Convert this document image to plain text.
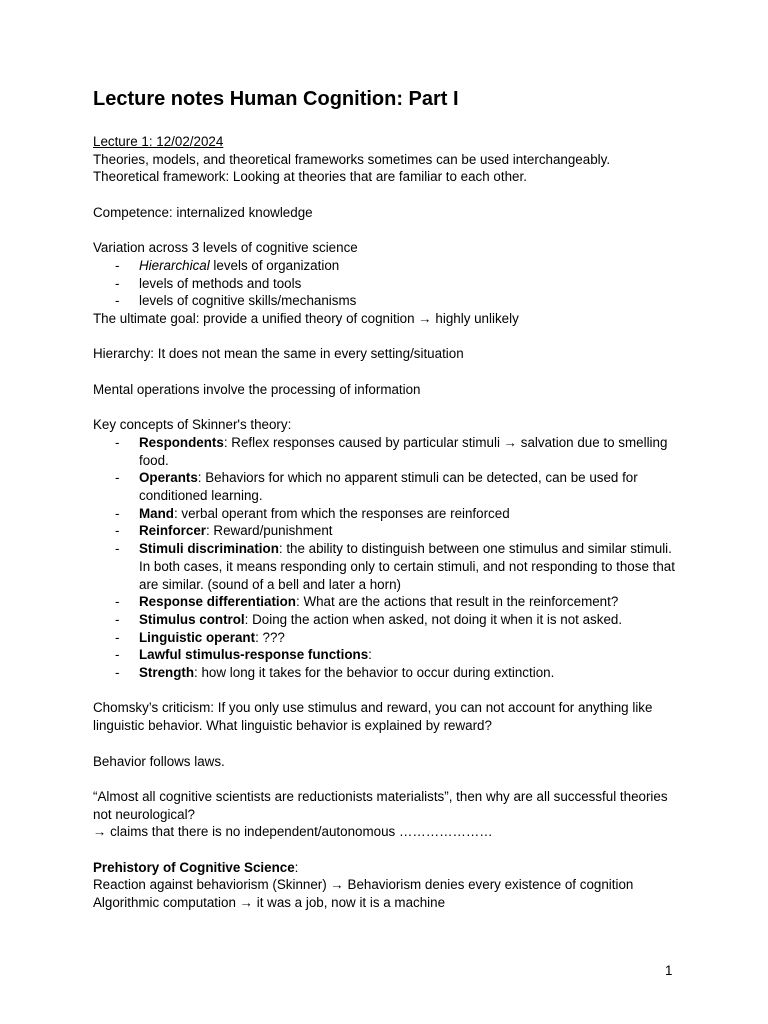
Lecture notes Human Cognition: Part I

Lecture 1: 12/02/2024

Theories, models, and theoretical frameworks sometimes can be used interchangeably.

Theoretical framework: Looking at theories that are familiar to each other.

Competence: internalized knowledge

Variation across 3 levels of cognitive science

- Hierarchical levels of organization
- levels of methods and tools
- levels of cognitive skills/mechanisms

The ultimate goal: provide a unified theory of cognition → highly unlikely

Hierarchy: It does not mean the same in every setting/situation

Mental operations involve the processing of information

Key concepts of Skinner's theory:

- Respondents: Reflex responses caused by particular stimuli → salvation due to smelling food.
- Operants: Behaviors for which no apparent stimuli can be detected, can be used for conditioned learning.
- Mand: verbal operant from which the responses are reinforced
- Reinforcer: Reward/punishment
- Stimuli discrimination: the ability to distinguish between one stimulus and similar stimuli. In both cases, it means responding only to certain stimuli, and not responding to those that are similar. (sound of a bell and later a horn)
- Response differentiation: What are the actions that result in the reinforcement?
- Stimulus control: Doing the action when asked, not doing it when it is not asked.
- Linguistic operant: ???
- Lawful stimulus-response functions:
- Strength: how long it takes for the behavior to occur during extinction.

Chomsky’s criticism: If you only use stimulus and reward, you can not account for anything like linguistic behavior. What linguistic behavior is explained by reward?

Behavior follows laws.

“Almost all cognitive scientists are reductionists materialists”, then why are all successful theories not neurological?

→ claims that there is no independent/autonomous …………………

Prehistory of Cognitive Science:

Reaction against behaviorism (Skinner) → Behaviorism denies every existence of cognition

Algorithmic computation → it was a job, now it is a machine

1
